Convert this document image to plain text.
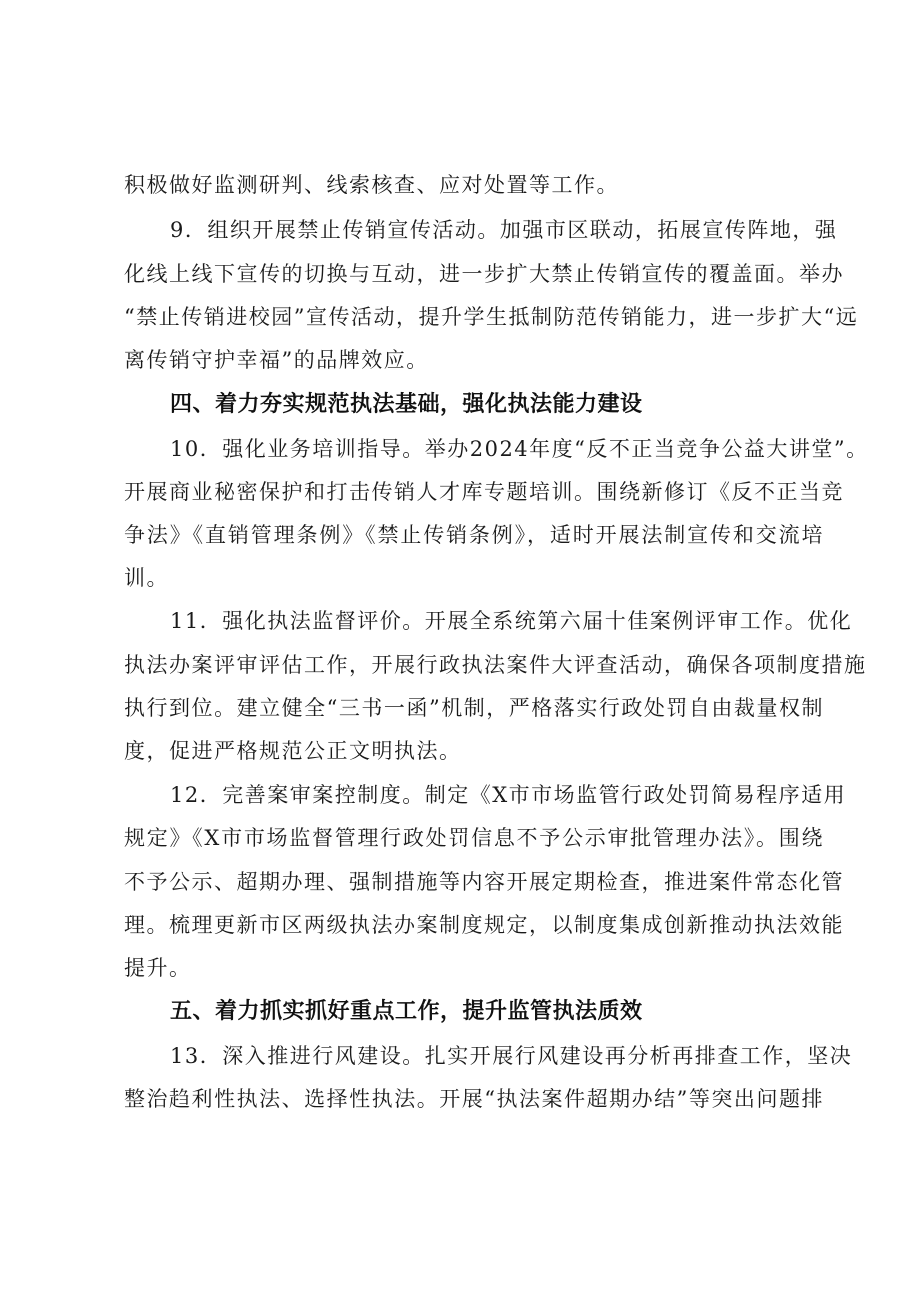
积极做好监测研判、线索核查、应对处置等工作。
9．组织开展禁止传销宣传活动。加强市区联动，拓展宣传阵地，强
化线上线下宣传的切换与互动，进一步扩大禁止传销宣传的覆盖面。举办
“禁止传销进校园”宣传活动，提升学生抵制防范传销能力，进一步扩大“远
离传销守护幸福”的品牌效应。
四、着力夯实规范执法基础，强化执法能力建设
10．强化业务培训指导。举办2024年度“反不正当竞争公益大讲堂”。
开展商业秘密保护和打击传销人才库专题培训。围绕新修订《反不正当竞
争法》《直销管理条例》《禁止传销条例》，适时开展法制宣传和交流培
训。
11．强化执法监督评价。开展全系统第六届十佳案例评审工作。优化
执法办案评审评估工作，开展行政执法案件大评查活动，确保各项制度措施
执行到位。建立健全“三书一函”机制，严格落实行政处罚自由裁量权制
度，促进严格规范公正文明执法。
12．完善案审案控制度。制定《X市市场监管行政处罚简易程序适用
规定》《X市市场监督管理行政处罚信息不予公示审批管理办法》。围绕
不予公示、超期办理、强制措施等内容开展定期检查，推进案件常态化管
理。梳理更新市区两级执法办案制度规定，以制度集成创新推动执法效能
提升。
五、着力抓实抓好重点工作，提升监管执法质效
13．深入推进行风建设。扎实开展行风建设再分析再排查工作，坚决
整治趋利性执法、选择性执法。开展“执法案件超期办结”等突出问题排
